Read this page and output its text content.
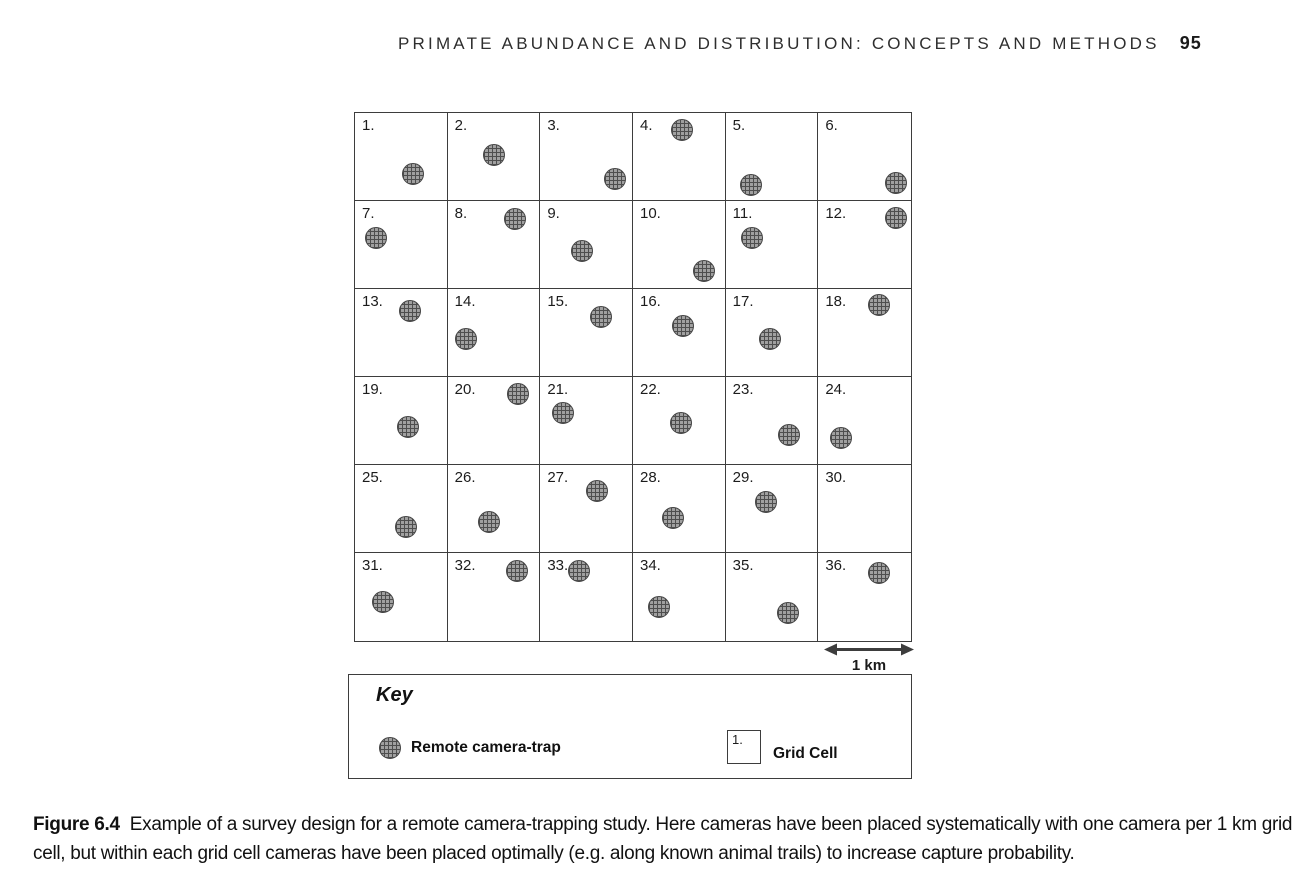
PRIMATE ABUNDANCE AND DISTRIBUTION: CONCEPTS AND METHODS 95
1.	2.	3.	4.	5.	6.
7.	8.	9.	10.	11.	12.
13.	14.	15.	16.	17.	18.
19.	20.	21.	22.	23.	24.
25.	26.	27.	28.	29.	30.
31.	32.	33.	34.	35.	36.
1 km
Key
Remote camera-trap	1.
Grid Cell
Figure 6.4 Example of a survey design for a remote camera-trapping study. Here cameras have been placed systematically with one camera per 1 km grid cell, but within each grid cell cameras have been placed optimally (e.g. along known animal trails) to increase capture probability.
